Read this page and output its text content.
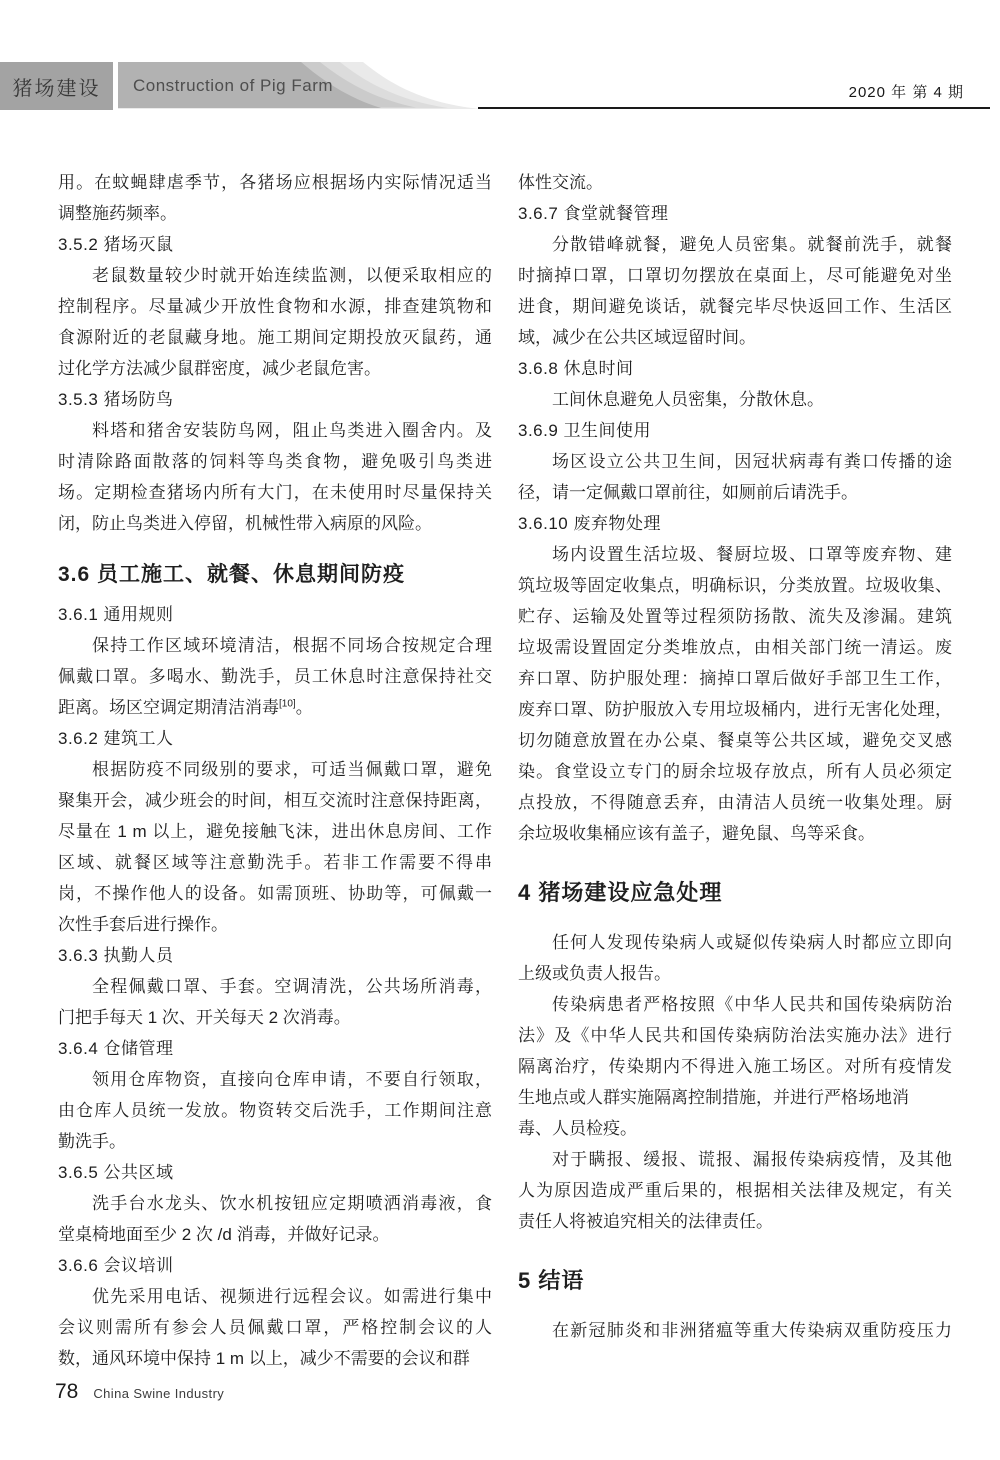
猪场建设 Construction of Pig Farm	2020 年 第 4 期
用。在蚊蝇肆虐季节，各猪场应根据场内实际情况适当
调整施药频率。
3.5.2 猪场灭鼠
老鼠数量较少时就开始连续监测，以便采取相应的
控制程序。尽量减少开放性食物和水源，排查建筑物和
食源附近的老鼠藏身地。施工期间定期投放灭鼠药，通
过化学方法减少鼠群密度，减少老鼠危害。
3.5.3 猪场防鸟
料塔和猪舍安装防鸟网，阻止鸟类进入圈舍内。及
时清除路面散落的饲料等鸟类食物，避免吸引鸟类进
场。定期检查猪场内所有大门，在未使用时尽量保持关
闭，防止鸟类进入停留，机械性带入病原的风险。
3.6 员工施工、就餐、休息期间防疫
3.6.1 通用规则
保持工作区域环境清洁，根据不同场合按规定合理
佩戴口罩。多喝水、勤洗手，员工休息时注意保持社交
距离。场区空调定期清洁消毒[10]。
3.6.2 建筑工人
根据防疫不同级别的要求，可适当佩戴口罩，避免
聚集开会，减少班会的时间，相互交流时注意保持距离，
尽量在 1 m 以上，避免接触飞沫，进出休息房间、工作
区域、就餐区域等注意勤洗手。若非工作需要不得串
岗，不操作他人的设备。如需顶班、协助等，可佩戴一
次性手套后进行操作。
3.6.3 执勤人员
全程佩戴口罩、手套。空调清洗，公共场所消毒，
门把手每天 1 次、开关每天 2 次消毒。
3.6.4 仓储管理
领用仓库物资，直接向仓库申请，不要自行领取，
由仓库人员统一发放。物资转交后洗手，工作期间注意
勤洗手。
3.6.5 公共区域
洗手台水龙头、饮水机按钮应定期喷洒消毒液，食
堂桌椅地面至少 2 次 /d 消毒，并做好记录。
3.6.6 会议培训
优先采用电话、视频进行远程会议。如需进行集中
会议则需所有参会人员佩戴口罩，严格控制会议的人
数，通风环境中保持 1 m 以上，减少不需要的会议和群
体性交流。
3.6.7 食堂就餐管理
分散错峰就餐，避免人员密集。就餐前洗手，就餐
时摘掉口罩，口罩切勿摆放在桌面上，尽可能避免对坐
进食，期间避免谈话，就餐完毕尽快返回工作、生活区
域，减少在公共区域逗留时间。
3.6.8 休息时间
工间休息避免人员密集，分散休息。
3.6.9 卫生间使用
场区设立公共卫生间，因冠状病毒有粪口传播的途
径，请一定佩戴口罩前往，如厕前后请洗手。
3.6.10 废弃物处理
场内设置生活垃圾、餐厨垃圾、口罩等废弃物、建
筑垃圾等固定收集点，明确标识，分类放置。垃圾收集、
贮存、运输及处置等过程须防扬散、流失及渗漏。建筑
垃圾需设置固定分类堆放点，由相关部门统一清运。废
弃口罩、防护服处理：摘掉口罩后做好手部卫生工作，
废弃口罩、防护服放入专用垃圾桶内，进行无害化处理，
切勿随意放置在办公桌、餐桌等公共区域，避免交叉感
染。食堂设立专门的厨余垃圾存放点，所有人员必须定
点投放，不得随意丢弃，由清洁人员统一收集处理。厨
余垃圾收集桶应该有盖子，避免鼠、鸟等采食。
4 猪场建设应急处理
任何人发现传染病人或疑似传染病人时都应立即向
上级或负责人报告。
传染病患者严格按照《中华人民共和国传染病防治
法》及《中华人民共和国传染病防治法实施办法》进行
隔离治疗，传染期内不得进入施工场区。对所有疫情发
生地点或人群实施隔离控制措施，并进行严格场地消
毒、人员检疫。
对于瞒报、缓报、谎报、漏报传染病疫情，及其他
人为原因造成严重后果的，根据相关法律及规定，有关
责任人将被追究相关的法律责任。
5 结语
在新冠肺炎和非洲猪瘟等重大传染病双重防疫压力
78 China Swine Industry
